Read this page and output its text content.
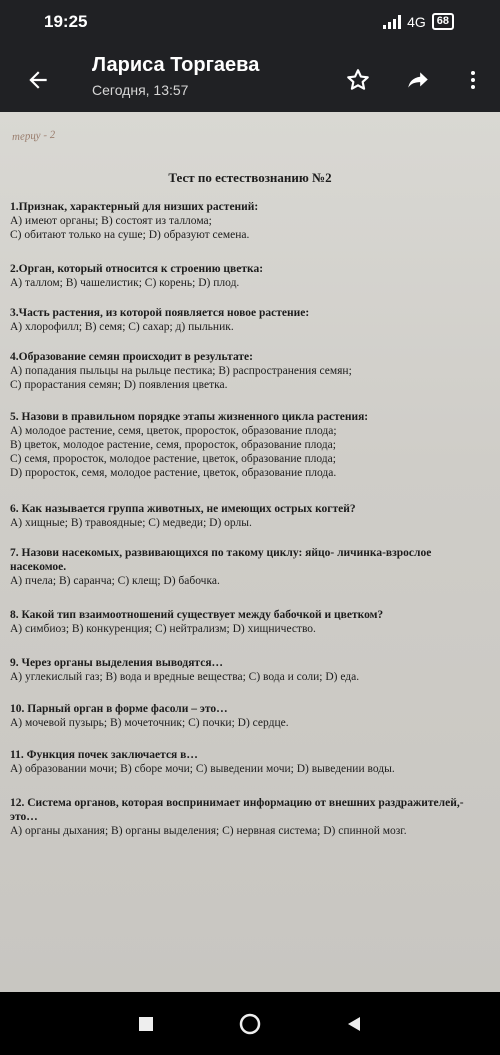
19:25	4G	68
Лариса Торгаева
Сегодня, 13:57
терцу - 2
Тест по естествознанию №2
1.Признак, характерный для низших растений:
А) имеют органы; В) состоят из таллома;
С) обитают только на суше; D) образуют семена.
2.Орган, который относится к строению цветка:
А) таллом; В) чашелистик; С) корень; D) плод.
3.Часть растения, из которой появляется новое растение:
А) хлорофилл; В) семя; С) сахар; д) пыльник.
4.Образование семян происходит в результате:
А) попадания пыльцы на рыльце пестика; В) распространения семян;
С) прорастания семян; D) появления цветка.
5. Назови в правильном порядке этапы жизненного цикла растения:
А) молодое растение, семя, цветок, проросток, образование плода;
В) цветок, молодое растение, семя, проросток, образование плода;
С) семя, проросток, молодое растение, цветок, образование плода;
D) проросток, семя, молодое растение, цветок, образование плода.
6. Как называется группа животных, не имеющих острых когтей?
А) хищные; В) травоядные; С) медведи; D) орлы.
7. Назови насекомых, развивающихся по такому циклу: яйцо- личинка-взрослое насекомое.
А) пчела; В) саранча; С) клещ; D) бабочка.
8. Какой тип взаимоотношений существует между бабочкой и цветком?
А) симбиоз; В) конкуренция; С) нейтрализм; D) хищничество.
9. Через органы выделения выводятся…
А) углекислый газ; В) вода и вредные вещества; С) вода и соли; D) еда.
10. Парный орган в форме фасоли – это…
А) мочевой пузырь; В) мочеточник; С) почки; D) сердце.
11. Функция почек заключается в…
А) образовании мочи; В) сборе мочи; С) выведении мочи; D) выведении воды.
12. Система органов, которая воспринимает информацию от внешних раздражителей,-это…
А) органы дыхания; В) органы выделения; С) нервная система; D) спинной мозг.
